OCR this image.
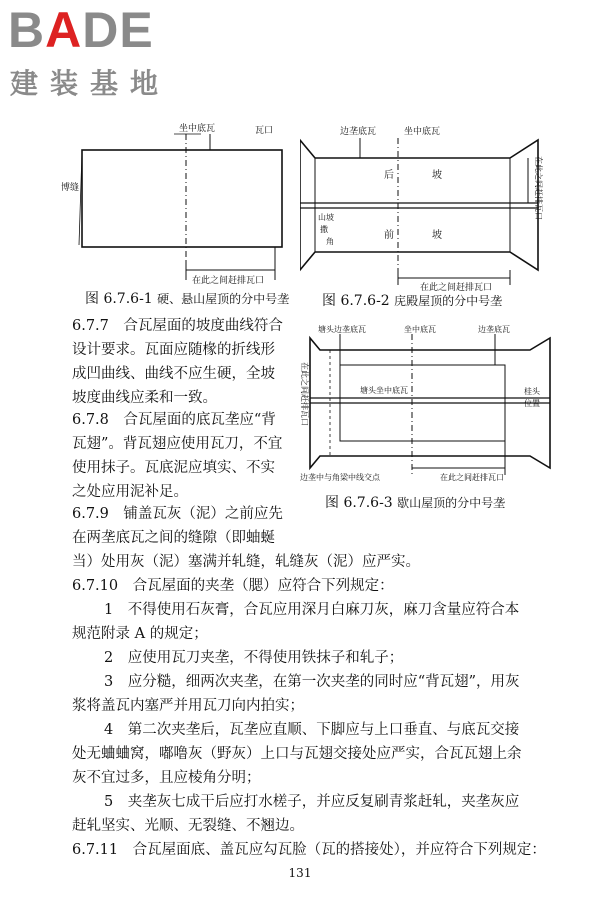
BADE
建装基地
坐中底瓦	瓦口
博缝
在此之间赶排瓦口
图 6.7.6-1 硬、悬山屋顶的分中号垄
边垄底瓦	坐中底瓦
后	坡
前	坡
山坡
撒
角
在此之间赶排瓦口
在此之间赶排瓦口
图 6.7.6-2 庑殿屋顶的分中号垄
塘头边垄底瓦	坐中底瓦	边垄底瓦
塘头坐中底瓦	桂头
位置
在此之间赶排瓦口
边垄中与角梁中线交点	在此之间赶排瓦口
图 6.7.6-3 歇山屋顶的分中号垄
6.7.7　合瓦屋面的坡度曲线符合
设计要求。瓦面应随椽的折线形
成凹曲线、曲线不应生硬，全坡
坡度曲线应柔和一致。
6.7.8　合瓦屋面的底瓦垄应“背
瓦翅”。背瓦翅应使用瓦刀，不宜
使用抹子。瓦底泥应填实、不实
之处应用泥补足。
6.7.9　铺盖瓦灰（泥）之前应先
在两垄底瓦之间的缝隙（即蚰蜒
当）处用灰（泥）塞满并轧缝，轧缝灰（泥）应严实。
6.7.10　合瓦屋面的夹垄（腮）应符合下列规定：
1　不得使用石灰膏，合瓦应用深月白麻刀灰，麻刀含量应符合本
规范附录 A 的规定；
2　应使用瓦刀夹垄，不得使用铁抹子和轧子；
3　应分糙，细两次夹垄，在第一次夹垄的同时应“背瓦翅”，用灰
浆将盖瓦内塞严并用瓦刀向内拍实；
4　第二次夹垄后，瓦垄应直顺、下脚应与上口垂直、与底瓦交接
处无蛐蛐窝，嘟噜灰（野灰）上口与瓦翅交接处应严实，合瓦瓦翅上余
灰不宜过多，且应棱角分明；
5　夹垄灰七成干后应打水槎子，并应反复刷青浆赶轧，夹垄灰应
赶轧坚实、光顺、无裂缝、不翘边。
6.7.11　合瓦屋面底、盖瓦应勾瓦脸（瓦的搭接处），并应符合下列规定：
131
